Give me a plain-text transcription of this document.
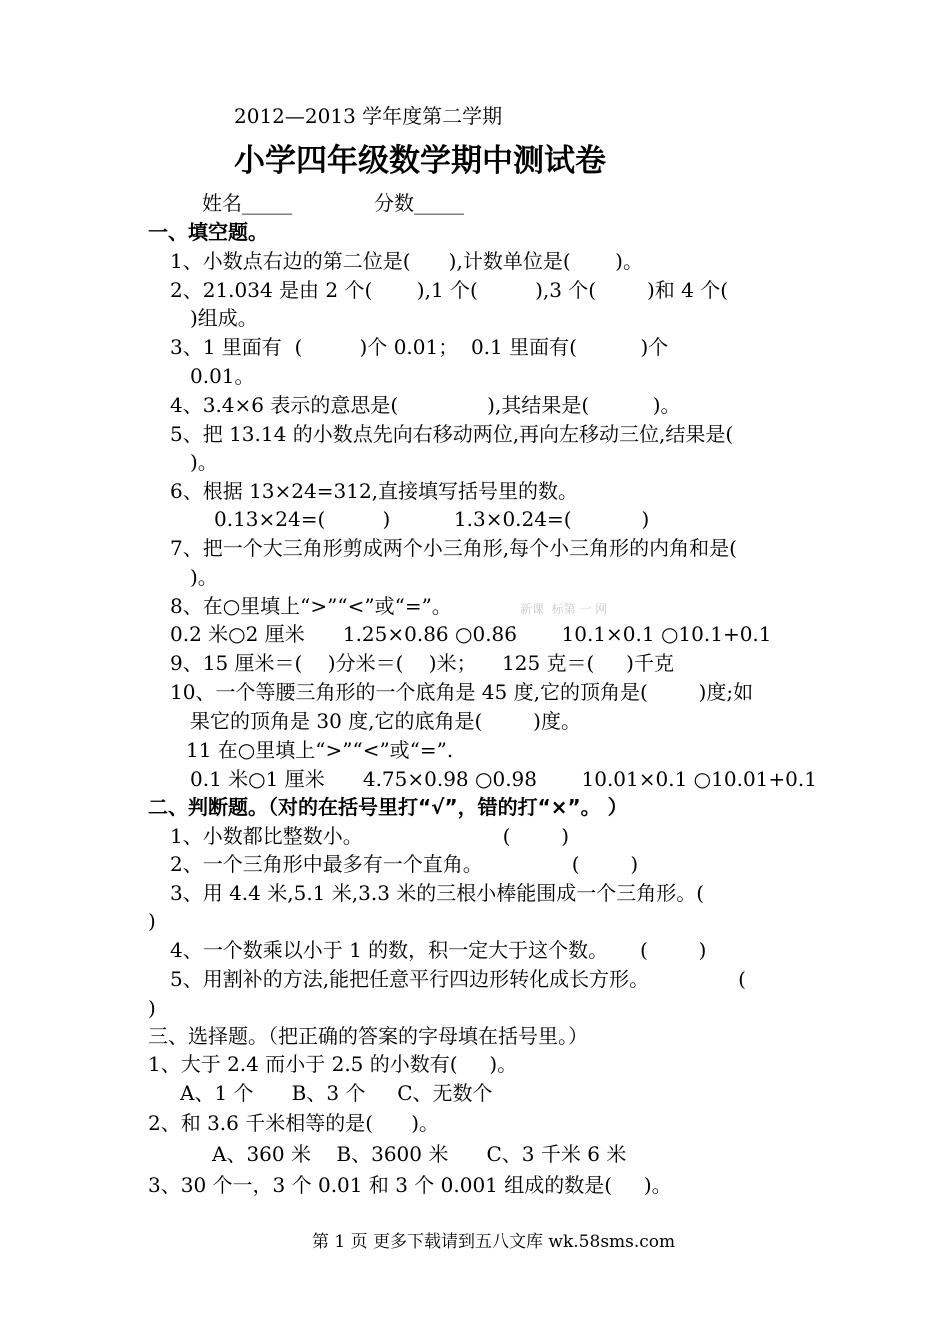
2012—2013 学年度第二学期
小学四年级数学期中测试卷
姓名_____	分数_____
一、填空题。
1、小数点右边的第二位是(      ),计数单位是(       )。
2、21.034 是由 2 个(       ),1 个(         ),3 个(        )和 4 个(
)组成。
3、1 里面有  (         )个 0.01；  0.1 里面有(          )个
0.01。
4、3.4×6 表示的意思是(              ),其结果是(          )。
5、把 13.14 的小数点先向右移动两位,再向左移动三位,结果是(
)。
6、根据 13×24=312,直接填写括号里的数。
0.13×24=(         )          1.3×0.24=(           )
7、把一个大三角形剪成两个小三角形,每个小三角形的内角和是(
)。
8、在○里填上“>”“<”或“=”。	新课  标第 一 网
0.2 米○2 厘米      1.25×0.86 ○0.86       10.1×0.1 ○10.1+0.1
9、15 厘米＝(    )分米＝(    )米；    125 克＝(     )千克
10、一个等腰三角形的一个底角是 45 度,它的顶角是(        )度;如
果它的顶角是 30 度,它的底角是(        )度。
11 在○里填上“>”“<”或“=”.
0.1 米○1 厘米      4.75×0.98 ○0.98       10.01×0.1 ○10.01+0.1
二、判断题。（对的在括号里打“√”，错的打“×”。 ）
1、小数都比整数小。                      (        )
2、一个三角形中最多有一个直角。              (        )
3、用 4.4 米,5.1 米,3.3 米的三根小棒能围成一个三角形。(
)
4、一个数乘以小于 1 的数，积一定大于这个数。     (        )
5、用割补的方法,能把任意平行四边形转化成长方形。              (
)
三、选择题。（把正确的答案的字母填在括号里。）
1、大于 2.4 而小于 2.5 的小数有(     )。
A、1 个      B、3 个     C、无数个
2、和 3.6 千米相等的是(      )。
A、360 米    B、3600 米      C、3 千米 6 米
3、30 个一，3 个 0.01 和 3 个 0.001 组成的数是(     )。
第 1 页 更多下载请到五八文库 wk.58sms.com
